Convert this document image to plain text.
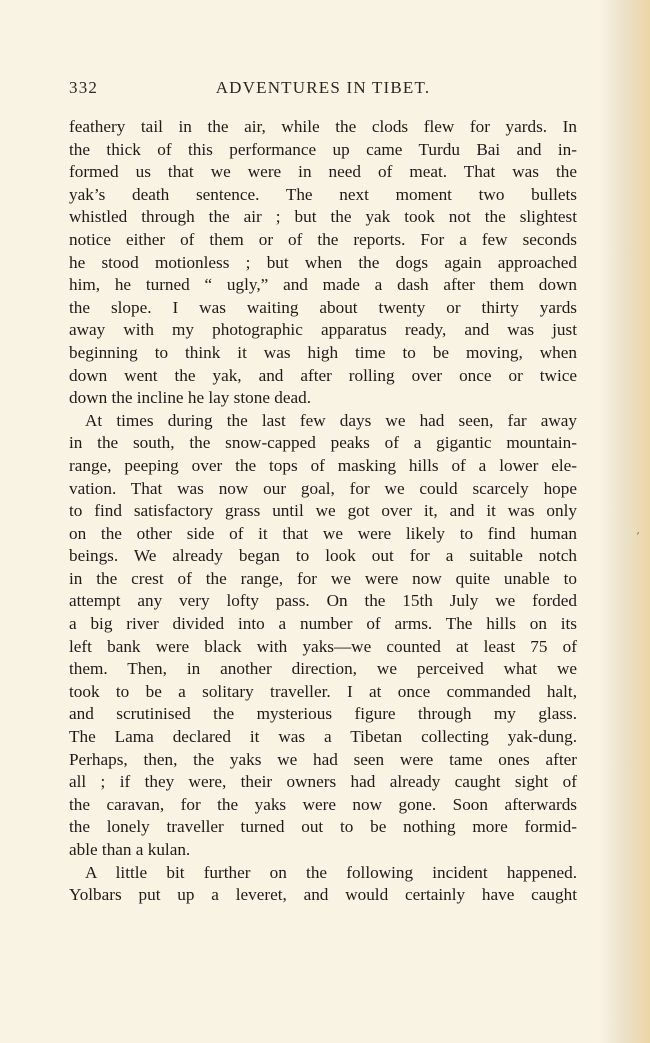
332	ADVENTURES IN TIBET.
feathery tail in the air, while the clods flew for yards. In
the thick of this performance up came Turdu Bai and in-
formed us that we were in need of meat. That was the
yak’s death sentence. The next moment two bullets
whistled through the air ; but the yak took not the slightest
notice either of them or of the reports. For a few seconds
he stood motionless ; but when the dogs again approached
him, he turned “ ugly,” and made a dash after them down
the slope. I was waiting about twenty or thirty yards
away with my photographic apparatus ready, and was just
beginning to think it was high time to be moving, when
down went the yak, and after rolling over once or twice
down the incline he lay stone dead.
At times during the last few days we had seen, far away
in the south, the snow-capped peaks of a gigantic mountain-
range, peeping over the tops of masking hills of a lower ele-
vation. That was now our goal, for we could scarcely hope
to find satisfactory grass until we got over it, and it was only
on the other side of it that we were likely to find human
beings. We already began to look out for a suitable notch
in the crest of the range, for we were now quite unable to
attempt any very lofty pass. On the 15th July we forded
a big river divided into a number of arms. The hills on its
left bank were black with yaks—we counted at least 75 of
them. Then, in another direction, we perceived what we
took to be a solitary traveller. I at once commanded halt,
and scrutinised the mysterious figure through my glass.
The Lama declared it was a Tibetan collecting yak-dung.
Perhaps, then, the yaks we had seen were tame ones after
all ; if they were, their owners had already caught sight of
the caravan, for the yaks were now gone. Soon afterwards
the lonely traveller turned out to be nothing more formid-
able than a kulan.
A little bit further on the following incident happened.
Yolbars put up a leveret, and would certainly have caught
’
